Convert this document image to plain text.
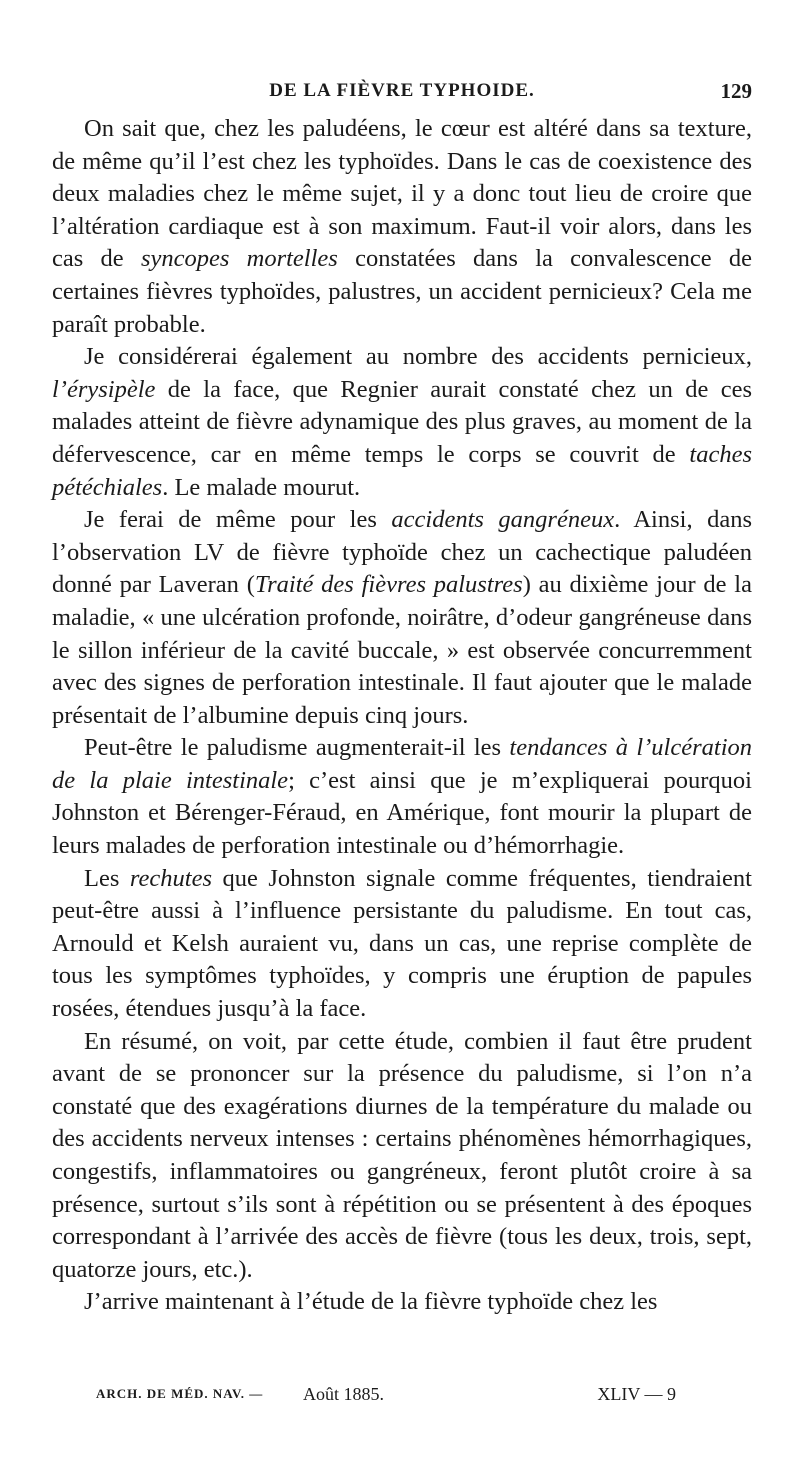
DE LA FIÈVRE TYPHOIDE.	129

On sait que, chez les paludéens, le cœur est altéré dans sa texture, de même qu’il l’est chez les typhoïdes. Dans le cas de coexistence des deux maladies chez le même sujet, il y a donc tout lieu de croire que l’altération cardiaque est à son maximum. Faut-il voir alors, dans les cas de syncopes mortelles constatées dans la convalescence de certaines fièvres typhoïdes, palustres, un accident pernicieux? Cela me paraît probable.

Je considérerai également au nombre des accidents pernicieux, l’érysipèle de la face, que Regnier aurait constaté chez un de ces malades atteint de fièvre adynamique des plus graves, au moment de la défervescence, car en même temps le corps se couvrit de taches pétéchiales. Le malade mourut.

Je ferai de même pour les accidents gangréneux. Ainsi, dans l’observation LV de fièvre typhoïde chez un cachectique paludéen donné par Laveran (Traité des fièvres palustres) au dixième jour de la maladie, « une ulcération profonde, noirâtre, d’odeur gangréneuse dans le sillon inférieur de la cavité buccale, » est observée concurremment avec des signes de perforation intestinale. Il faut ajouter que le malade présentait de l’albumine depuis cinq jours.

Peut-être le paludisme augmenterait-il les tendances à l’ulcération de la plaie intestinale; c’est ainsi que je m’expliquerai pourquoi Johnston et Bérenger-Féraud, en Amérique, font mourir la plupart de leurs malades de perforation intestinale ou d’hémorrhagie.

Les rechutes que Johnston signale comme fréquentes, tiendraient peut-être aussi à l’influence persistante du paludisme. En tout cas, Arnould et Kelsh auraient vu, dans un cas, une reprise complète de tous les symptômes typhoïdes, y compris une éruption de papules rosées, étendues jusqu’à la face.

En résumé, on voit, par cette étude, combien il faut être prudent avant de se prononcer sur la présence du paludisme, si l’on n’a constaté que des exagérations diurnes de la température du malade ou des accidents nerveux intenses : certains phénomènes hémorrhagiques, congestifs, inflammatoires ou gangréneux, feront plutôt croire à sa présence, surtout s’ils sont à répétition ou se présentent à des époques correspondant à l’arrivée des accès de fièvre (tous les deux, trois, sept, quatorze jours, etc.).

J’arrive maintenant à l’étude de la fièvre typhoïde chez les

ARCH. DE MÉD. NAV. — Août 1885.	XLIV — 9
